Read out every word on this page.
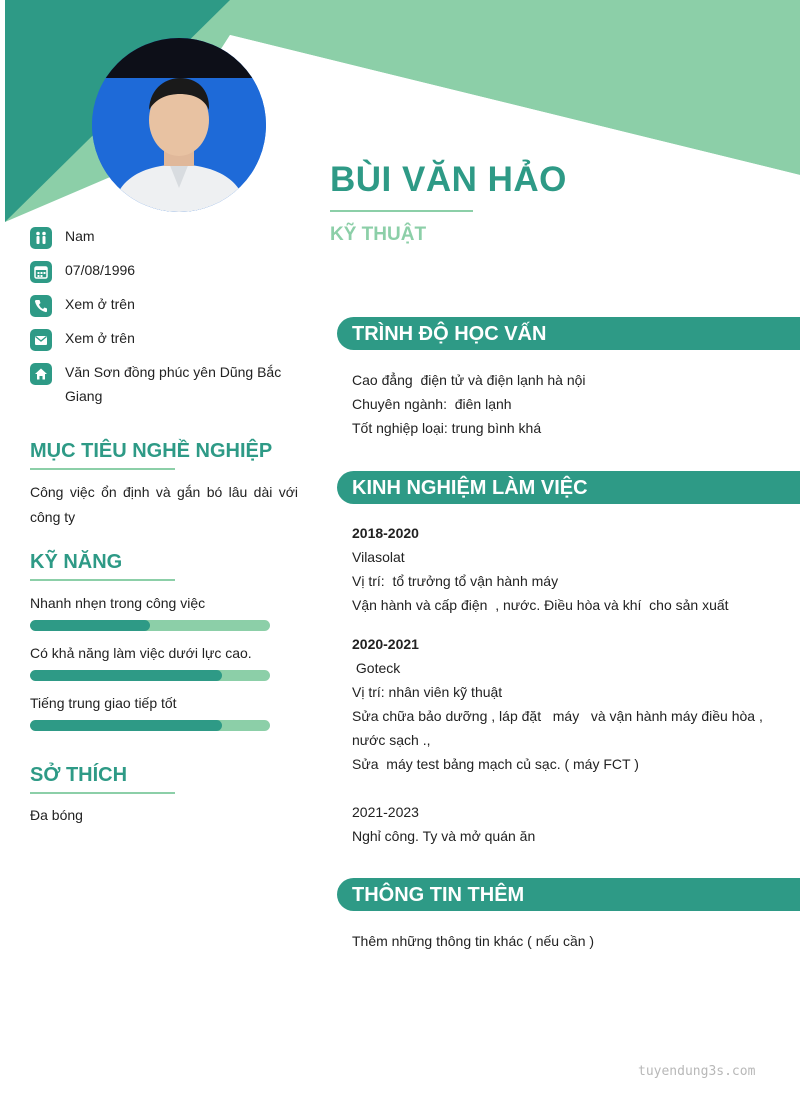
BÙI VĂN HẢO
KỸ THUẬT
Nam
07/08/1996
Xem ở trên
Xem ở trên
Văn Sơn đồng phúc yên Dũng Bắc Giang
MỤC TIÊU NGHỀ NGHIỆP
Công việc ổn định và gắn bó lâu dài với công ty
KỸ NĂNG
Nhanh nhẹn trong công việc
Có khả năng làm việc dưới lực cao.
Tiếng trung giao tiếp tốt
SỞ THÍCH
Đa bóng
TRÌNH ĐỘ HỌC VẤN
Cao đẳng  điện tử và điện lạnh hà nội
Chuyên ngành:  điên lạnh
Tốt nghiệp loại: trung bình khá
KINH NGHIỆM LÀM VIỆC
2018-2020
Vilasolat
Vị trí:  tổ trưởng tổ vận hành máy
Vận hành và cấp điện  , nước. Điều hòa và khí  cho sản xuất
2020-2021
Goteck
Vị trí: nhân viên kỹ thuật
Sửa chữa bảo dưỡng , láp đặt   máy   và vận hành máy điều hòa ,
nước sạch .,
Sửa  máy test bảng mạch củ sạc. ( máy FCT )
2021-2023
Nghỉ công. Ty và mở quán ăn
THÔNG TIN THÊM
Thêm những thông tin khác ( nếu cần )
tuyendung3s.com
